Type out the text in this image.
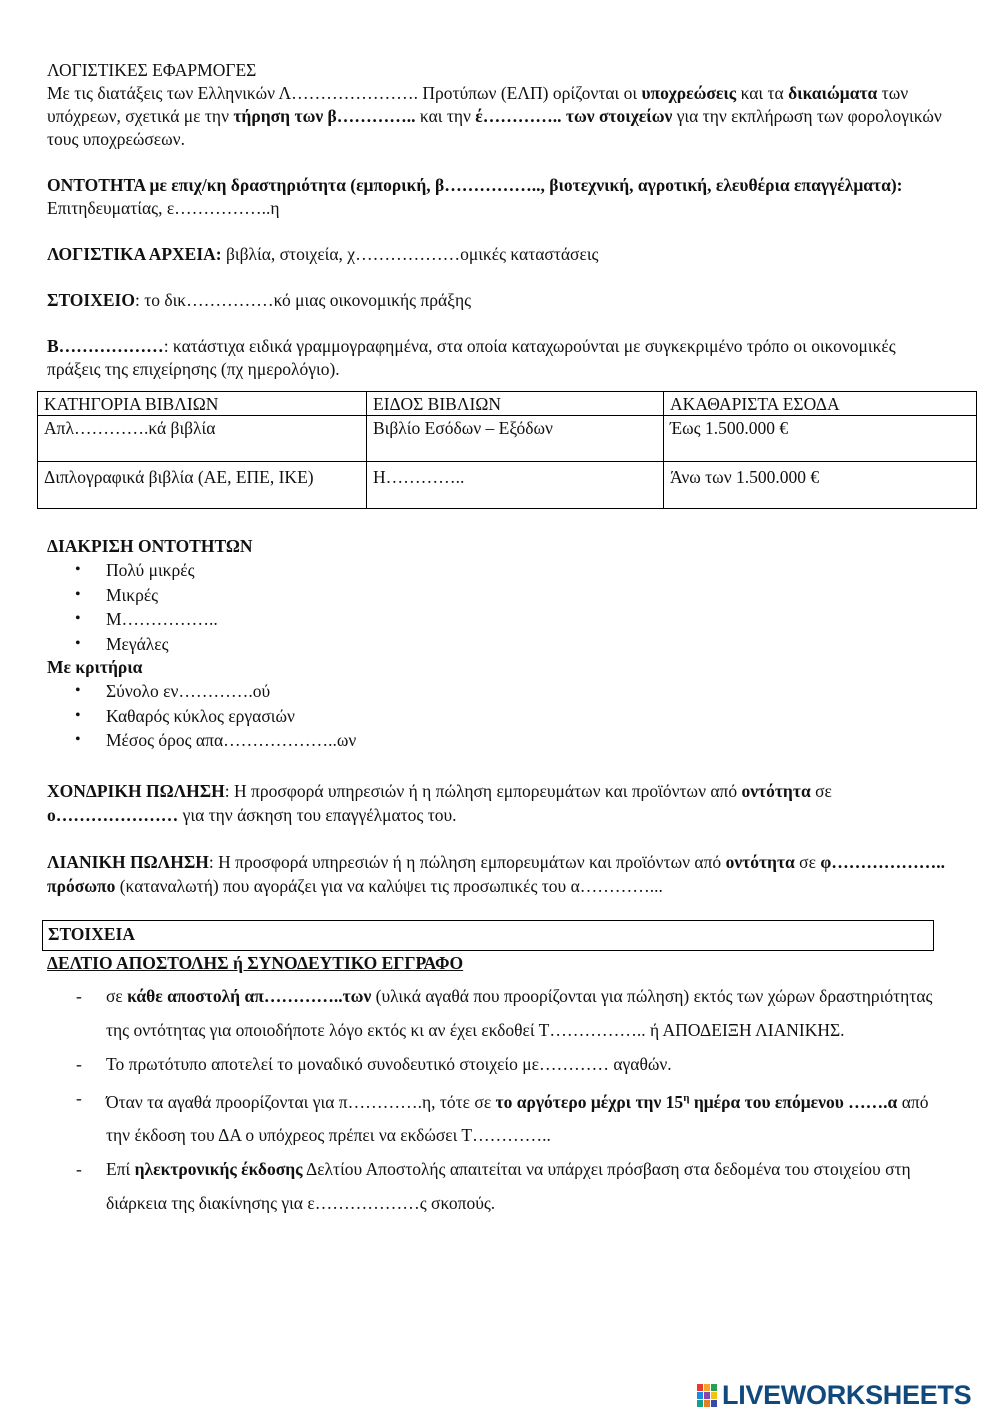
ΛΟΓΙΣΤΙΚΕΣ ΕΦΑΡΜΟΓΕΣ

Με τις διατάξεις των Ελληνικών Λ…………………. Προτύπων (ΕΛΠ) ορίζονται οι υποχρεώσεις και τα δικαιώματα των υπόχρεων, σχετικά με την τήρηση των β………….. και την έ………….. των στοιχείων για την εκπλήρωση των φορολογικών τους υποχρεώσεων.

ΟΝΤΟΤΗΤΑ με επιχ/κη δραστηριότητα (εμπορική, β…………….., βιοτεχνική, αγροτική, ελευθέρια επαγγέλματα): Επιτηδευματίας, ε……………..η

ΛΟΓΙΣΤΙΚΑ ΑΡΧΕΙΑ: βιβλία, στοιχεία, χ………………ομικές καταστάσεις

ΣΤΟΙΧΕΙΟ: το δικ……………κό μιας οικονομικής πράξης

Β………………: κατάστιχα ειδικά γραμμογραφημένα, στα οποία καταχωρούνται με συγκεκριμένο τρόπο οι οικονομικές πράξεις της επιχείρησης (πχ ημερολόγιο).

ΚΑΤΗΓΟΡΙΑ ΒΙΒΛΙΩΝ	ΕΙΔΟΣ ΒΙΒΛΙΩΝ	ΑΚΑΘΑΡΙΣΤΑ ΕΣΟΔΑ
Απλ………….κά βιβλία	Βιβλίο Εσόδων – Εξόδων	Έως 1.500.000 €
Διπλογραφικά βιβλία (ΑΕ, ΕΠΕ, ΙΚΕ)	Η…………..	Άνω των 1.500.000 €

ΔΙΑΚΡΙΣΗ ΟΝΤΟΤΗΤΩΝ

• Πολύ μικρές
• Μικρές
• Μ……………..
• Μεγάλες

Με κριτήρια

• Σύνολο εν………….ού
• Καθαρός κύκλος εργασιών
• Μέσος όρος απα………………..ων

ΧΟΝΔΡΙΚΗ ΠΩΛΗΣΗ: Η προσφορά υπηρεσιών ή η πώληση εμπορευμάτων και προϊόντων από οντότητα σε ο………………… για την άσκηση του επαγγέλματος του.

ΛΙΑΝΙΚΗ ΠΩΛΗΣΗ: Η προσφορά υπηρεσιών ή η πώληση εμπορευμάτων και προϊόντων από οντότητα σε φ……………….. πρόσωπο (καταναλωτή) που αγοράζει για να καλύψει τις προσωπικές του α…………...

ΣΤΟΙΧΕΙΑ

ΔΕΛΤΙΟ ΑΠΟΣΤΟΛΗΣ ή ΣΥΝΟΔΕΥΤΙΚΟ ΕΓΓΡΑΦΟ

- σε κάθε αποστολή απ…………..των (υλικά αγαθά που προορίζονται για πώληση) εκτός των χώρων δραστηριότητας της οντότητας για οποιοδήποτε λόγο εκτός κι αν έχει εκδοθεί Τ…………….. ή ΑΠΟΔΕΙΞΗ ΛΙΑΝΙΚΗΣ.
- Το πρωτότυπο αποτελεί το μοναδικό συνοδευτικό στοιχείο με………… αγαθών.
- Όταν τα αγαθά προορίζονται για π………….η, τότε σε το αργότερο μέχρι την $15^\eta$ ημέρα του επόμενου …….α από την έκδοση του ΔΑ ο υπόχρεος πρέπει να εκδώσει Τ…………..
- Επί ηλεκτρονικής έκδοσης Δελτίου Αποστολής απαιτείται να υπάρχει πρόσβαση στα δεδομένα του στοιχείου στη διάρκεια της διακίνησης για ε………………ς σκοπούς.
LIVEWORKSHEETS
